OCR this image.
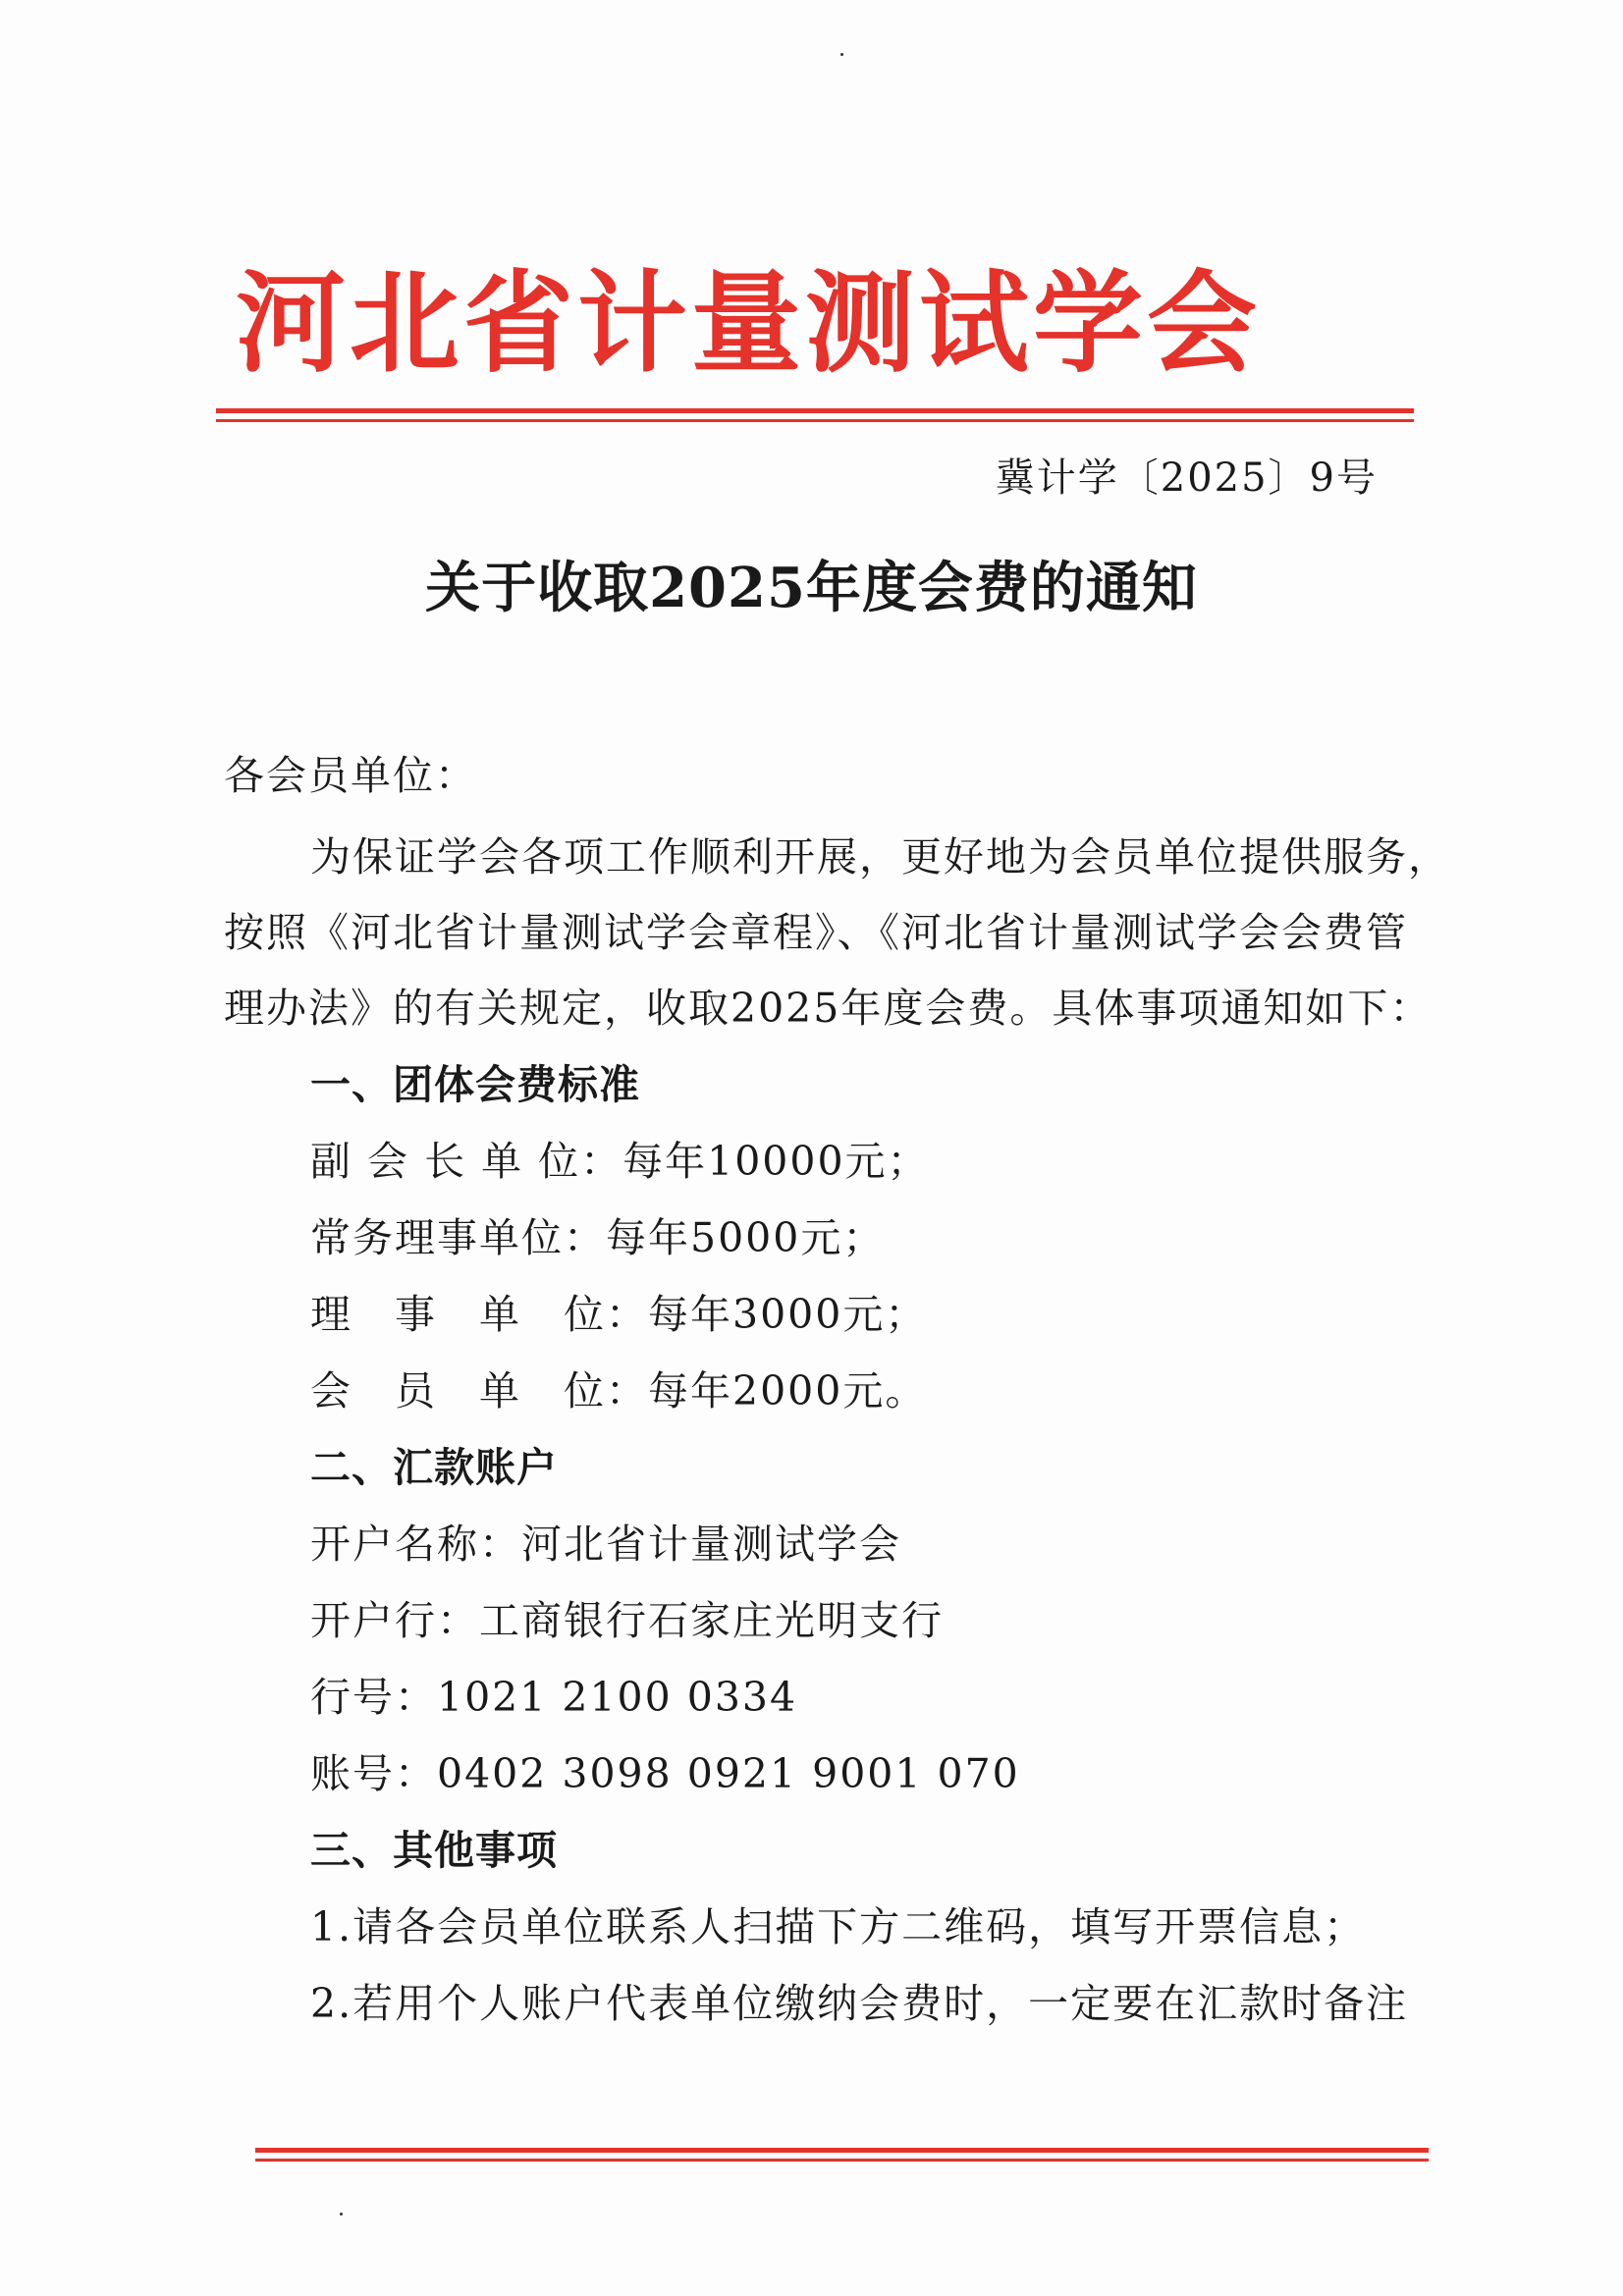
河北省计量测试学会
冀计学〔2025〕9号
关于收取2025年度会费的通知
各会员单位：
为保证学会各项工作顺利开展，更好地为会员单位提供服务，
按照《河北省计量测试学会章程》、《河北省计量测试学会会费管
理办法》的有关规定，收取2025年度会费。具体事项通知如下：
一、团体会费标准
副 会 长 单 位：每年10000元；
常务理事单位：每年5000元；
理　事　单　位：每年3000元；
会　员　单　位：每年2000元。
二、汇款账户
开户名称：河北省计量测试学会
开户行：工商银行石家庄光明支行
行号：1021 2100 0334
账号：0402 3098 0921 9001 070
三、其他事项
1.请各会员单位联系人扫描下方二维码，填写开票信息；
2.若用个人账户代表单位缴纳会费时，一定要在汇款时备注
